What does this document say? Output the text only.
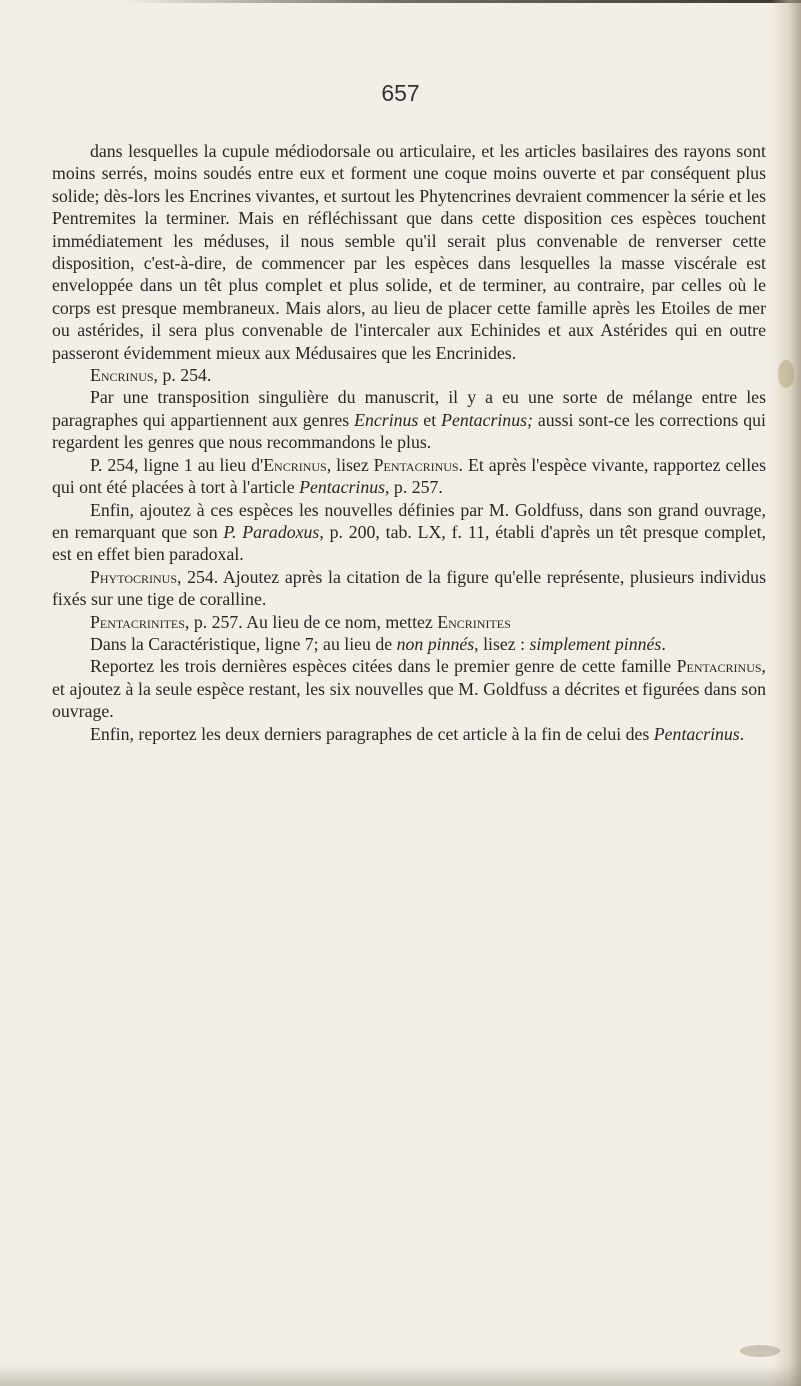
657

dans lesquelles la cupule médiodorsale ou articulaire, et les articles basilaires des rayons sont moins serrés, moins soudés entre eux et forment une coque moins ouverte et par conséquent plus solide; dès-lors les Encrines vivantes, et surtout les Phytencrines devraient commencer la série et les Pentremites la terminer. Mais en réfléchissant que dans cette disposition ces espèces touchent immédiatement les méduses, il nous semble qu'il serait plus convenable de renverser cette disposition, c'est-à-dire, de commencer par les espèces dans lesquelles la masse viscérale est enveloppée dans un têt plus complet et plus solide, et de terminer, au contraire, par celles où le corps est presque membraneux. Mais alors, au lieu de placer cette famille après les Etoiles de mer ou astérides, il sera plus convenable de l'intercaler aux Echinides et aux Astérides qui en outre passeront évidemment mieux aux Médusaires que les Encrinides.

Encrinus, p. 254.

Par une transposition singulière du manuscrit, il y a eu une sorte de mélange entre les paragraphes qui appartiennent aux genres Encrinus et Pentacrinus; aussi sont-ce les corrections qui regardent les genres que nous recommandons le plus.

P. 254, ligne 1 au lieu d'Encrinus, lisez Pentacrinus. Et après l'espèce vivante, rapportez celles qui ont été placées à tort à l'article Pentacrinus, p. 257.

Enfin, ajoutez à ces espèces les nouvelles définies par M. Goldfuss, dans son grand ouvrage, en remarquant que son P. Paradoxus, p. 200, tab. LX, f. 11, établi d'après un têt presque complet, est en effet bien paradoxal.

Phytocrinus, 254. Ajoutez après la citation de la figure qu'elle représente, plusieurs individus fixés sur une tige de coralline.

Pentacrinites, p. 257. Au lieu de ce nom, mettez Encrinites

Dans la Caractéristique, ligne 7; au lieu de non pinnés, lisez : simplement pinnés.

Reportez les trois dernières espèces citées dans le premier genre de cette famille Pentacrinus, et ajoutez à la seule espèce restant, les six nouvelles que M. Goldfuss a décrites et figurées dans son ouvrage.

Enfin, reportez les deux derniers paragraphes de cet article à la fin de celui des Pentacrinus.
